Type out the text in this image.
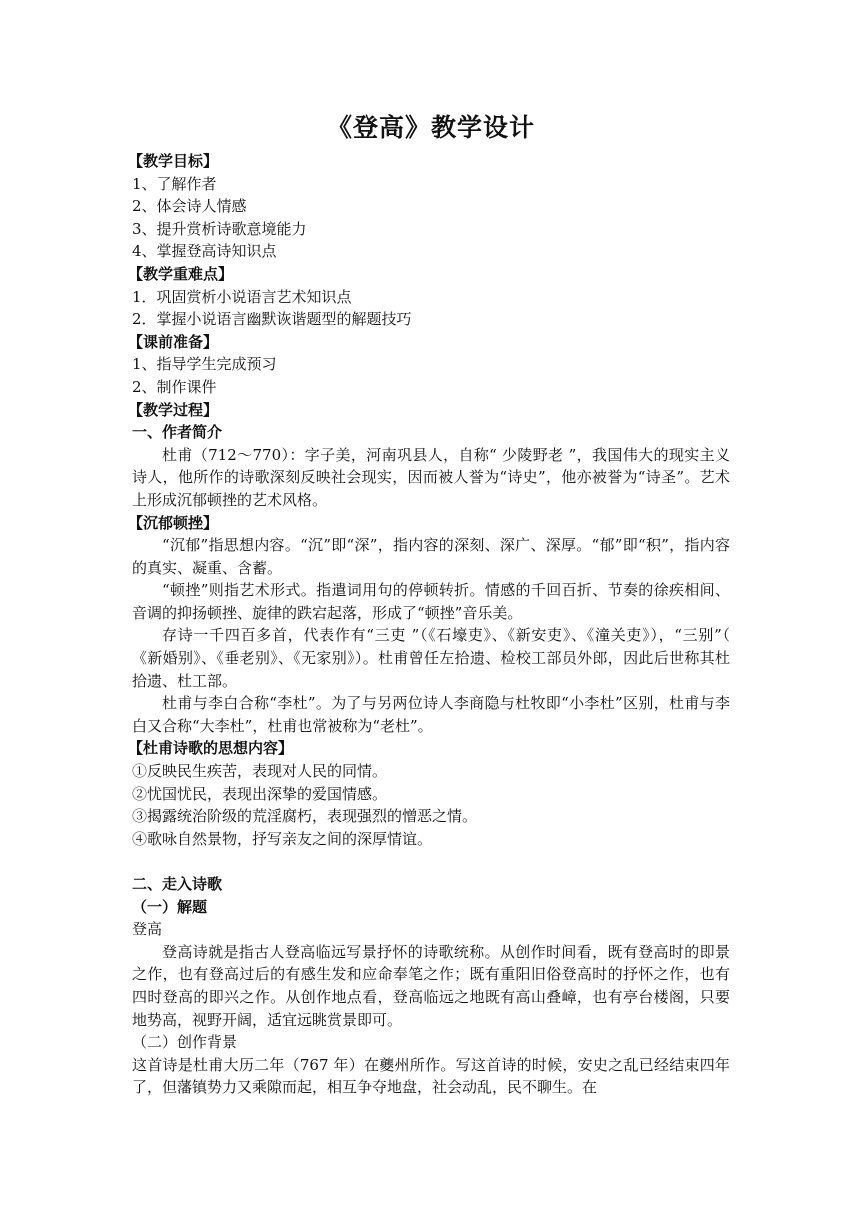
《登高》教学设计

【教学目标】

1、了解作者

2、体会诗人情感

3、提升赏析诗歌意境能力

4、掌握登高诗知识点

【教学重难点】

1．巩固赏析小说语言艺术知识点

2．掌握小说语言幽默诙谐题型的解题技巧

【课前准备】

1、指导学生完成预习

2、制作课件

【教学过程】

一、作者简介

杜甫（712～770）：字子美，河南巩县人，自称“ 少陵野老 ”，我国伟大的现实主义诗人，他所作的诗歌深刻反映社会现实，因而被人誉为“诗史”，他亦被誉为“诗圣”。艺术上形成沉郁顿挫的艺术风格。

【沉郁顿挫】

“沉郁”指思想内容。“沉”即“深”，指内容的深刻、深广、深厚。“郁”即“积”，指内容的真实、凝重、含蓄。

“顿挫”则指艺术形式。指遣词用句的停顿转折。情感的千回百折、节奏的徐疾相间、音调的抑扬顿挫、旋律的跌宕起落，形成了“顿挫”音乐美。

存诗一千四百多首，代表作有“三吏 ”（《石壕吏》、《新安吏》、《潼关吏》），“三别”（ 《新婚别》、《垂老别》、《无家别》）。杜甫曾任左拾遗、检校工部员外郎，因此后世称其杜拾遗、杜工部。

杜甫与李白合称“李杜”。为了与另两位诗人李商隐与杜牧即“小李杜”区别，杜甫与李白又合称“大李杜”，杜甫也常被称为“老杜”。

【杜甫诗歌的思想内容】

①反映民生疾苦，表现对人民的同情。

②忧国忧民，表现出深挚的爱国情感。

③揭露统治阶级的荒淫腐朽，表现强烈的憎恶之情。

④歌咏自然景物，抒写亲友之间的深厚情谊。

二、走入诗歌

（一）解题

登高

登高诗就是指古人登高临远写景抒怀的诗歌统称。从创作时间看，既有登高时的即景之作，也有登高过后的有感生发和应命奉笔之作；既有重阳旧俗登高时的抒怀之作，也有四时登高的即兴之作。从创作地点看，登高临远之地既有高山叠嶂，也有亭台楼阁，只要地势高，视野开阔，适宜远眺赏景即可。

（二）创作背景

这首诗是杜甫大历二年（767 年）在夔州所作。写这首诗的时候，安史之乱已经结束四年了，但藩镇势力又乘隙而起，相互争夺地盘，社会动乱，民不聊生。在
